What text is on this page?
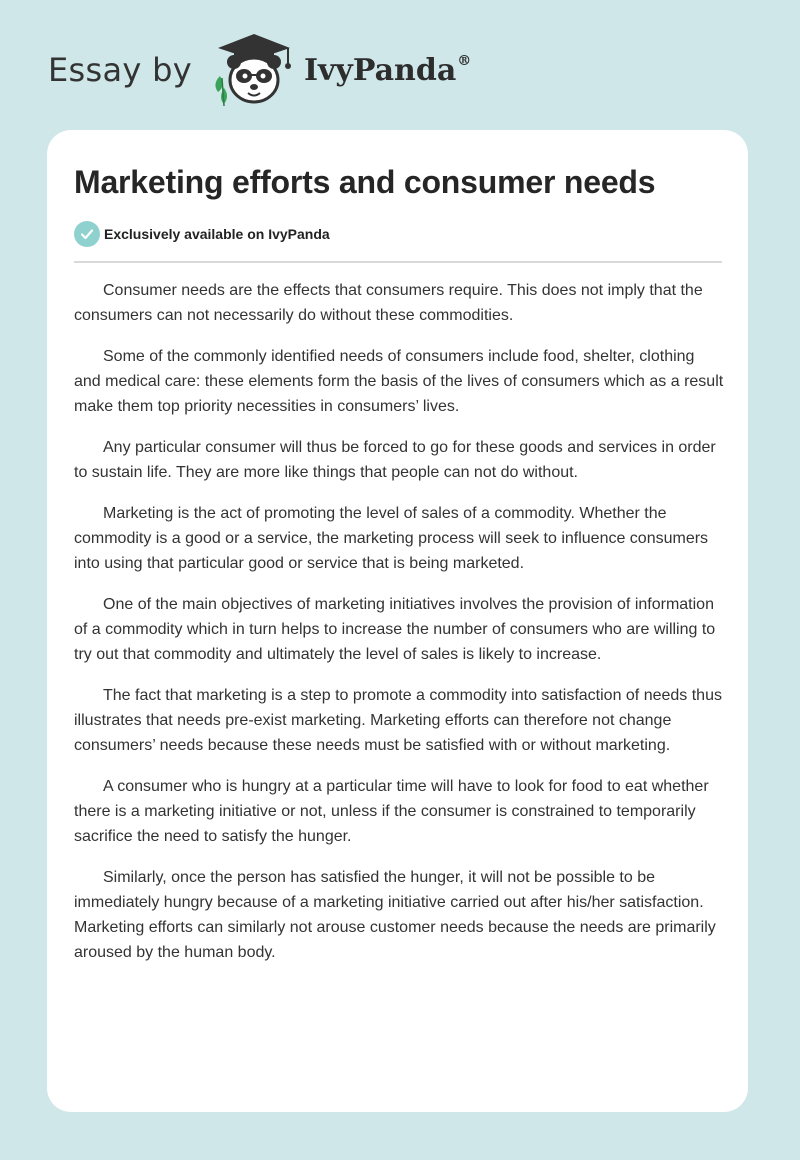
Essay by	IvyPanda®
Marketing efforts and consumer needs
Exclusively available on IvyPanda

Consumer needs are the effects that consumers require. This does not imply that the consumers can not necessarily do without these commodities.

Some of the commonly identified needs of consumers include food, shelter, clothing and medical care: these elements form the basis of the lives of consumers which as a result make them top priority necessities in consumers’ lives.

Any particular consumer will thus be forced to go for these goods and services in order to sustain life. They are more like things that people can not do without.

Marketing is the act of promoting the level of sales of a commodity. Whether the commodity is a good or a service, the marketing process will seek to influence consumers into using that particular good or service that is being marketed.

One of the main objectives of marketing initiatives involves the provision of information of a commodity which in turn helps to increase the number of consumers who are willing to try out that commodity and ultimately the level of sales is likely to increase.

The fact that marketing is a step to promote a commodity into satisfaction of needs thus illustrates that needs pre-exist marketing. Marketing efforts can therefore not change consumers’ needs because these needs must be satisfied with or without marketing.

A consumer who is hungry at a particular time will have to look for food to eat whether there is a marketing initiative or not, unless if the consumer is constrained to temporarily sacrifice the need to satisfy the hunger.

Similarly, once the person has satisfied the hunger, it will not be possible to be immediately hungry because of a marketing initiative carried out after his/her satisfaction. Marketing efforts can similarly not arouse customer needs because the needs are primarily aroused by the human body.
